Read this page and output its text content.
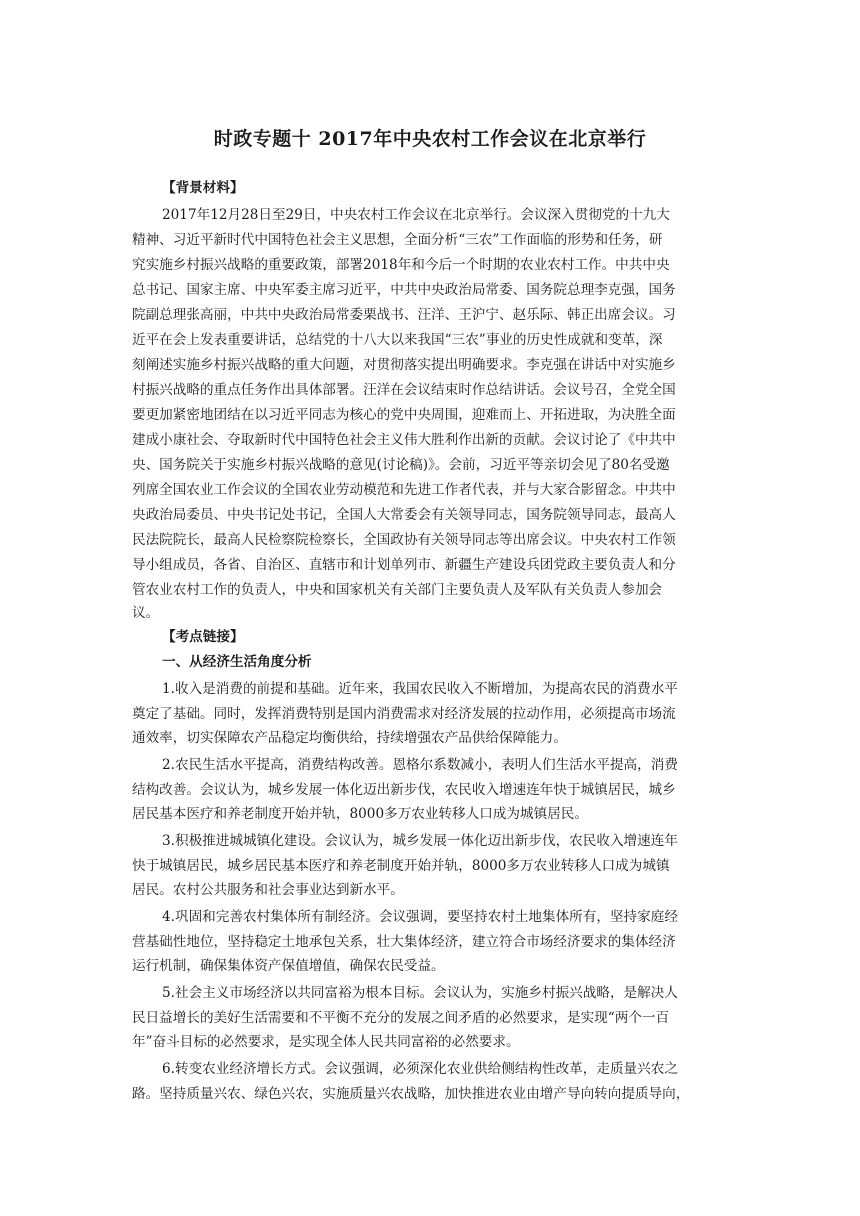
时政专题十 2017年中央农村工作会议在北京举行
【背景材料】
2017年12月28日至29日，中央农村工作会议在北京举行。会议深入贯彻党的十九大
精神、习近平新时代中国特色社会主义思想，全面分析“三农”工作面临的形势和任务，研
究实施乡村振兴战略的重要政策，部署2018年和今后一个时期的农业农村工作。中共中央
总书记、国家主席、中央军委主席习近平，中共中央政治局常委、国务院总理李克强，国务
院副总理张高丽，中共中央政治局常委栗战书、汪洋、王沪宁、赵乐际、韩正出席会议。习
近平在会上发表重要讲话，总结党的十八大以来我国“三农”事业的历史性成就和变革，深
刻阐述实施乡村振兴战略的重大问题，对贯彻落实提出明确要求。李克强在讲话中对实施乡
村振兴战略的重点任务作出具体部署。汪洋在会议结束时作总结讲话。会议号召，全党全国
要更加紧密地团结在以习近平同志为核心的党中央周围，迎难而上、开拓进取，为决胜全面
建成小康社会、夺取新时代中国特色社会主义伟大胜利作出新的贡献。会议讨论了《中共中
央、国务院关于实施乡村振兴战略的意见(讨论稿)》。会前，习近平等亲切会见了80名受邀
列席全国农业工作会议的全国农业劳动模范和先进工作者代表，并与大家合影留念。中共中
央政治局委员、中央书记处书记，全国人大常委会有关领导同志，国务院领导同志，最高人
民法院院长，最高人民检察院检察长，全国政协有关领导同志等出席会议。中央农村工作领
导小组成员，各省、自治区、直辖市和计划单列市、新疆生产建设兵团党政主要负责人和分
管农业农村工作的负责人，中央和国家机关有关部门主要负责人及军队有关负责人参加会
议。
【考点链接】
一、从经济生活角度分析
1.收入是消费的前提和基础。近年来，我国农民收入不断增加，为提高农民的消费水平
奠定了基础。同时，发挥消费特别是国内消费需求对经济发展的拉动作用，必须提高市场流
通效率，切实保障农产品稳定均衡供给，持续增强农产品供给保障能力。
2.农民生活水平提高，消费结构改善。恩格尔系数减小，表明人们生活水平提高，消费
结构改善。会议认为，城乡发展一体化迈出新步伐，农民收入增速连年快于城镇居民，城乡
居民基本医疗和养老制度开始并轨，8000多万农业转移人口成为城镇居民。
3.积极推进城城镇化建设。会议认为，城乡发展一体化迈出新步伐，农民收入增速连年
快于城镇居民，城乡居民基本医疗和养老制度开始并轨，8000多万农业转移人口成为城镇
居民。农村公共服务和社会事业达到新水平。
4.巩固和完善农村集体所有制经济。会议强调，要坚持农村土地集体所有，坚持家庭经
营基础性地位，坚持稳定土地承包关系，壮大集体经济，建立符合市场经济要求的集体经济
运行机制，确保集体资产保值增值，确保农民受益。
5.社会主义市场经济以共同富裕为根本目标。会议认为，实施乡村振兴战略，是解决人
民日益增长的美好生活需要和不平衡不充分的发展之间矛盾的必然要求，是实现“两个一百
年”奋斗目标的必然要求，是实现全体人民共同富裕的必然要求。
6.转变农业经济增长方式。会议强调，必须深化农业供给侧结构性改革，走质量兴农之
路。坚持质量兴农、绿色兴农，实施质量兴农战略，加快推进农业由增产导向转向提质导向，
